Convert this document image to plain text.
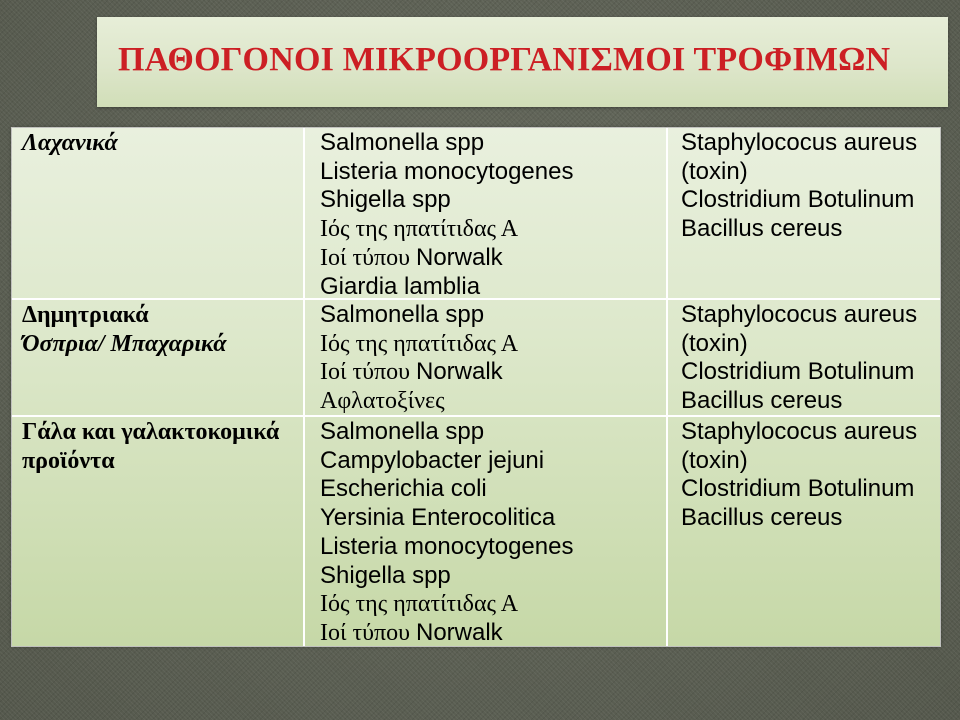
ΠΑΘΟΓΟΝΟΙ ΜΙΚΡΟΟΡΓΑΝΙΣΜΟΙ ΤΡΟΦΙΜΩΝ
Λαχανικά	Salmonella spp
Listeria monocytogenes
Shigella spp
Ιός της ηπατίτιδας Α
Ιοί τύπου Norwalk
Giardia lamblia
Staphylococus aureus (toxin)
Clostridium Botulinum
Bacillus cereus
Δημητριακά
Όσπρια/ Μπαχαρικά
Salmonella spp
Ιός της ηπατίτιδας Α
Ιοί τύπου Norwalk
Αφλατοξίνες
Staphylococus aureus (toxin)
Clostridium Botulinum
Bacillus cereus
Γάλα και γαλακτοκομικά προϊόντα
Salmonella spp
Campylobacter jejuni
Escherichia coli
Yersinia Enterocolitica
Listeria monocytogenes
Shigella spp
Ιός της ηπατίτιδας Α
Ιοί τύπου Norwalk
Staphylococus aureus (toxin)
Clostridium Botulinum
Bacillus cereus
